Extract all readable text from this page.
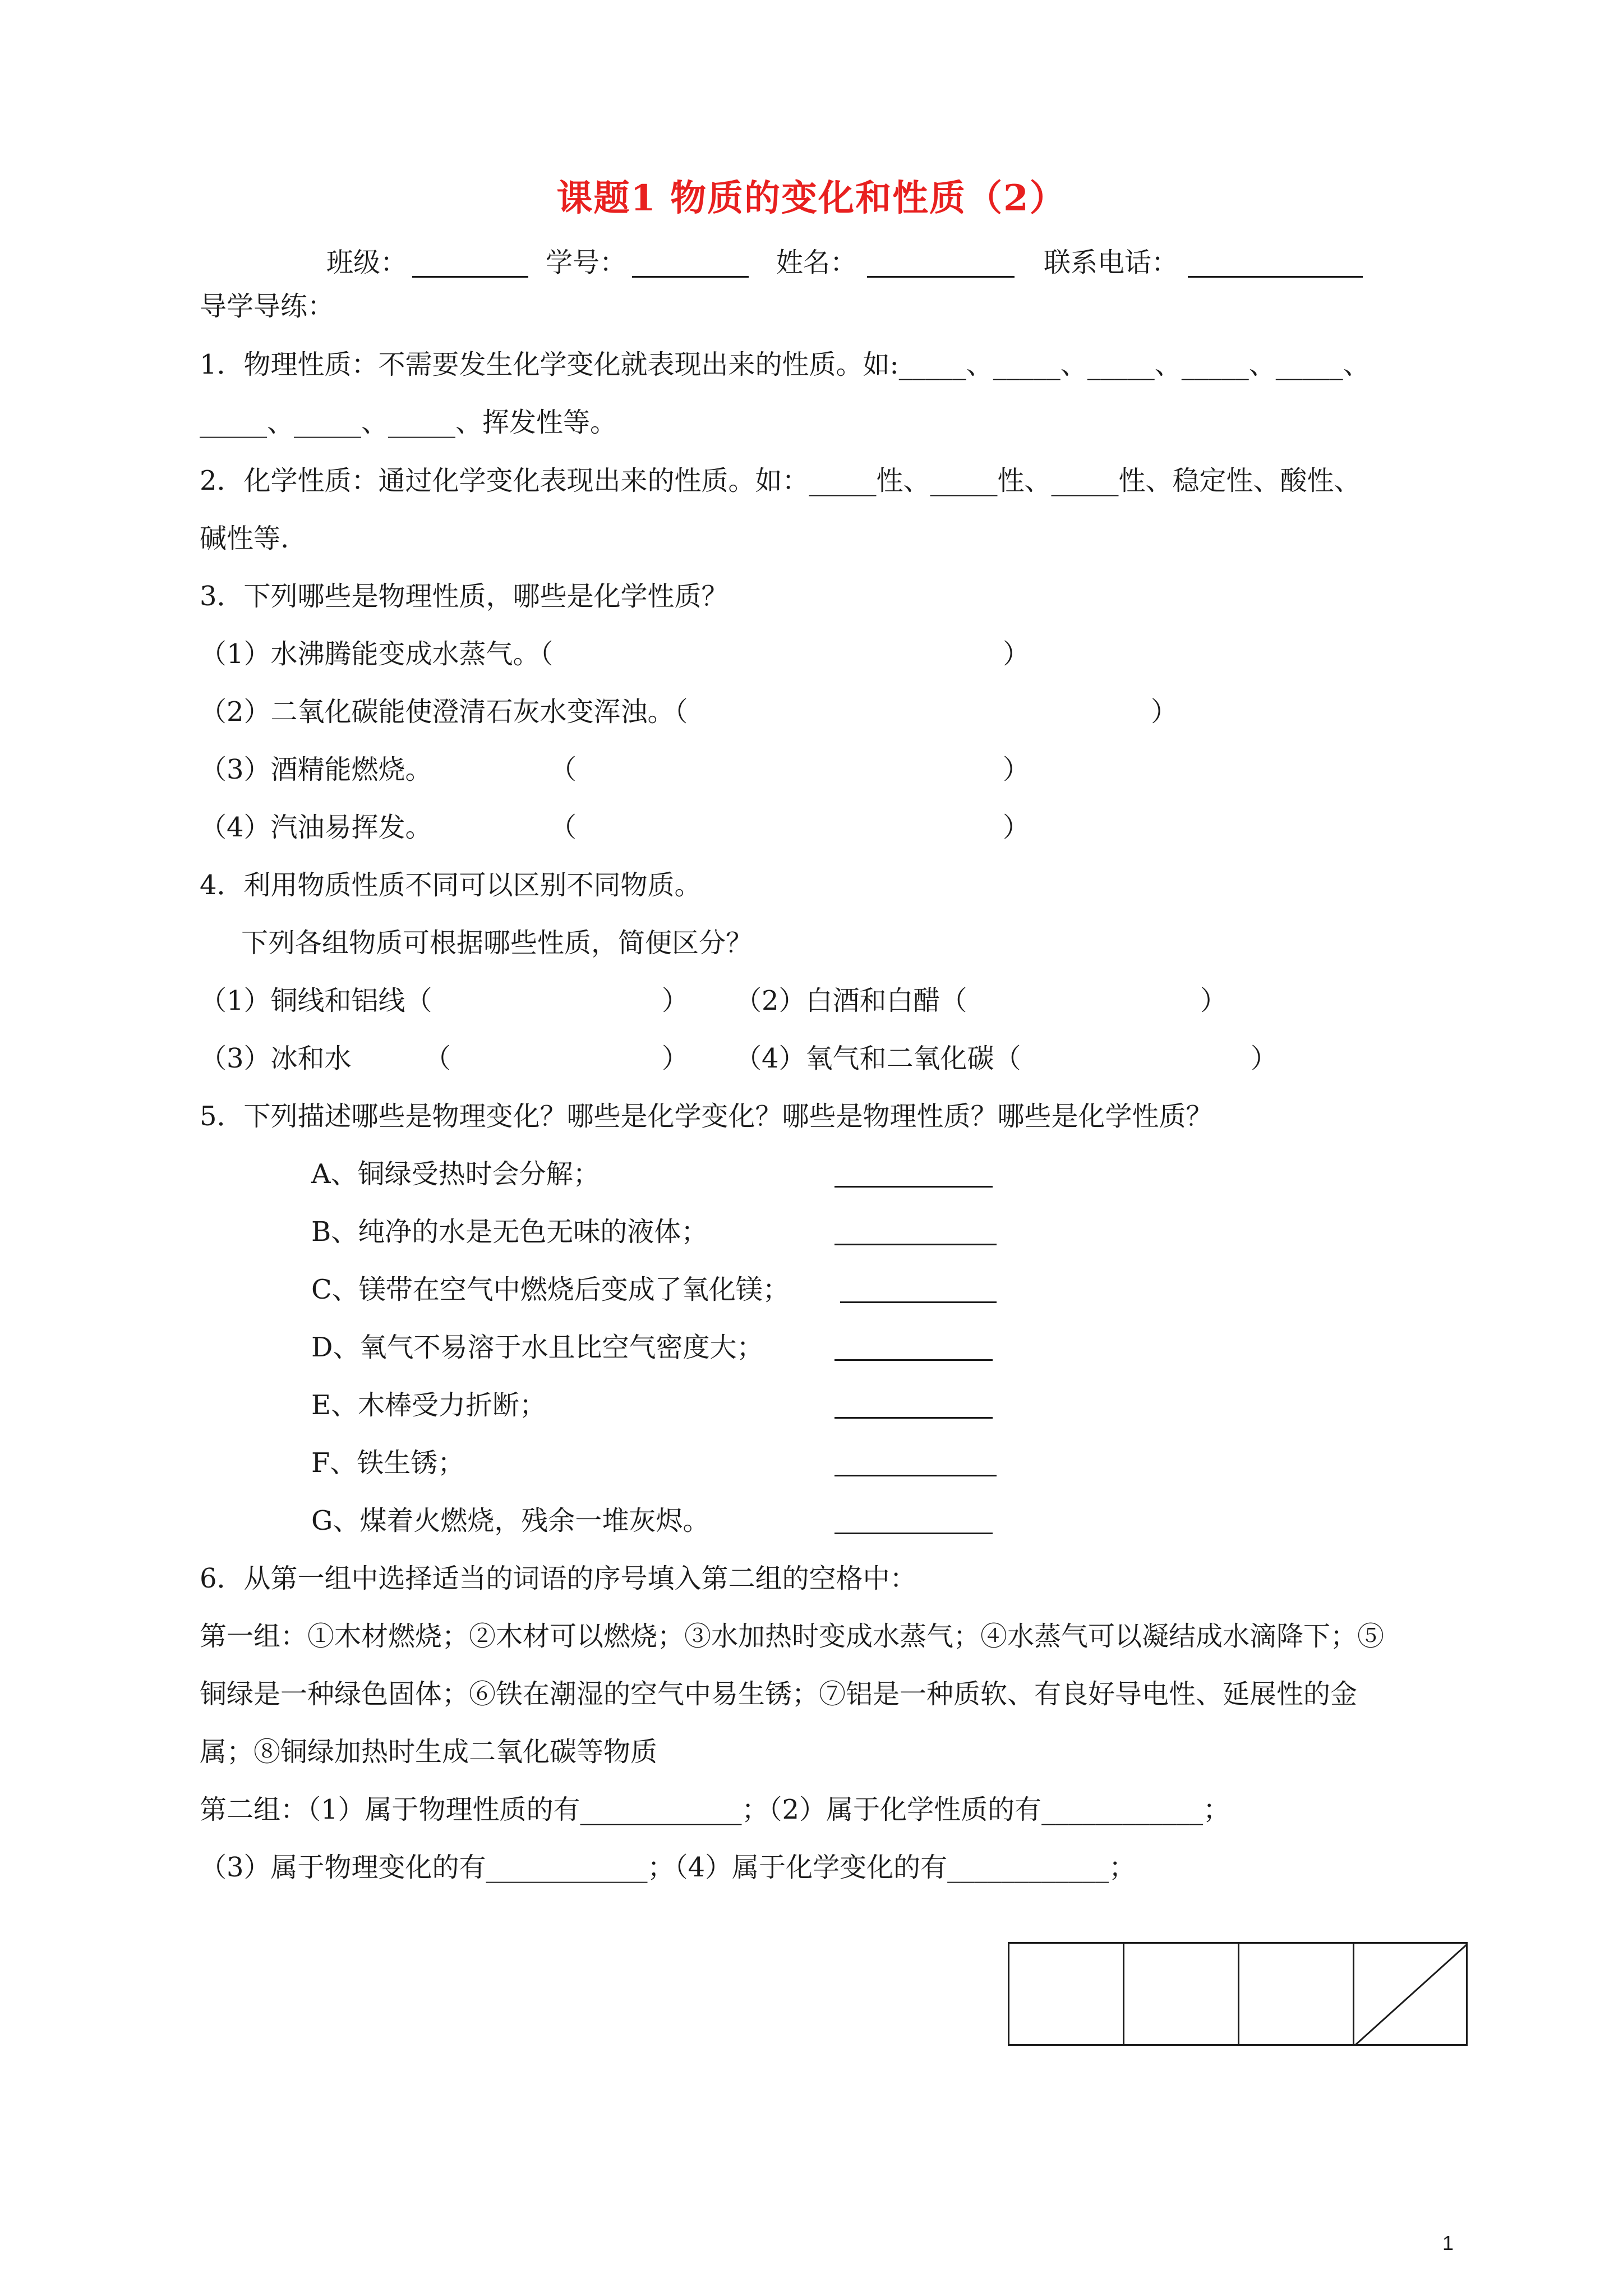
课题1 物质的变化和性质（2）
班级：	学号：	姓名：	联系电话：
导学导练：
1．物理性质：不需要发生化学变化就表现出来的性质。如:_____、_____、_____、_____、_____、
_____、_____、_____、挥发性等。
2．化学性质：通过化学变化表现出来的性质。如：_____性、_____性、_____性、稳定性、酸性、
碱性等.
3．下列哪些是物理性质，哪些是化学性质？
（1）水沸腾能变成水蒸气。（	）
（2）二氧化碳能使澄清石灰水变浑浊。（	）
（3）酒精能燃烧。	（	）
（4）汽油易挥发。	（	）
4．利用物质性质不同可以区别不同物质。
下列各组物质可根据哪些性质，简便区分？
（1）铜线和铝线（	） （2）白酒和白醋（	）
（3）冰和水	（	） （4）氧气和二氧化碳（	）
5．下列描述哪些是物理变化？哪些是化学变化？哪些是物理性质？哪些是化学性质？
A、铜绿受热时会分解；
B、纯净的水是无色无味的液体；
C、镁带在空气中燃烧后变成了氧化镁；
D、氧气不易溶于水且比空气密度大；
E、木棒受力折断；
F、铁生锈；
G、煤着火燃烧，残余一堆灰烬。
6．从第一组中选择适当的词语的序号填入第二组的空格中：
第一组：①木材燃烧；②木材可以燃烧；③水加热时变成水蒸气；④水蒸气可以凝结成水滴降下；⑤
铜绿是一种绿色固体；⑥铁在潮湿的空气中易生锈；⑦铝是一种质软、有良好导电性、延展性的金
属；⑧铜绿加热时生成二氧化碳等物质
第二组：（1）属于物理性质的有____________；（2）属于化学性质的有____________；
（3）属于物理变化的有____________；（4）属于化学变化的有____________；
1
